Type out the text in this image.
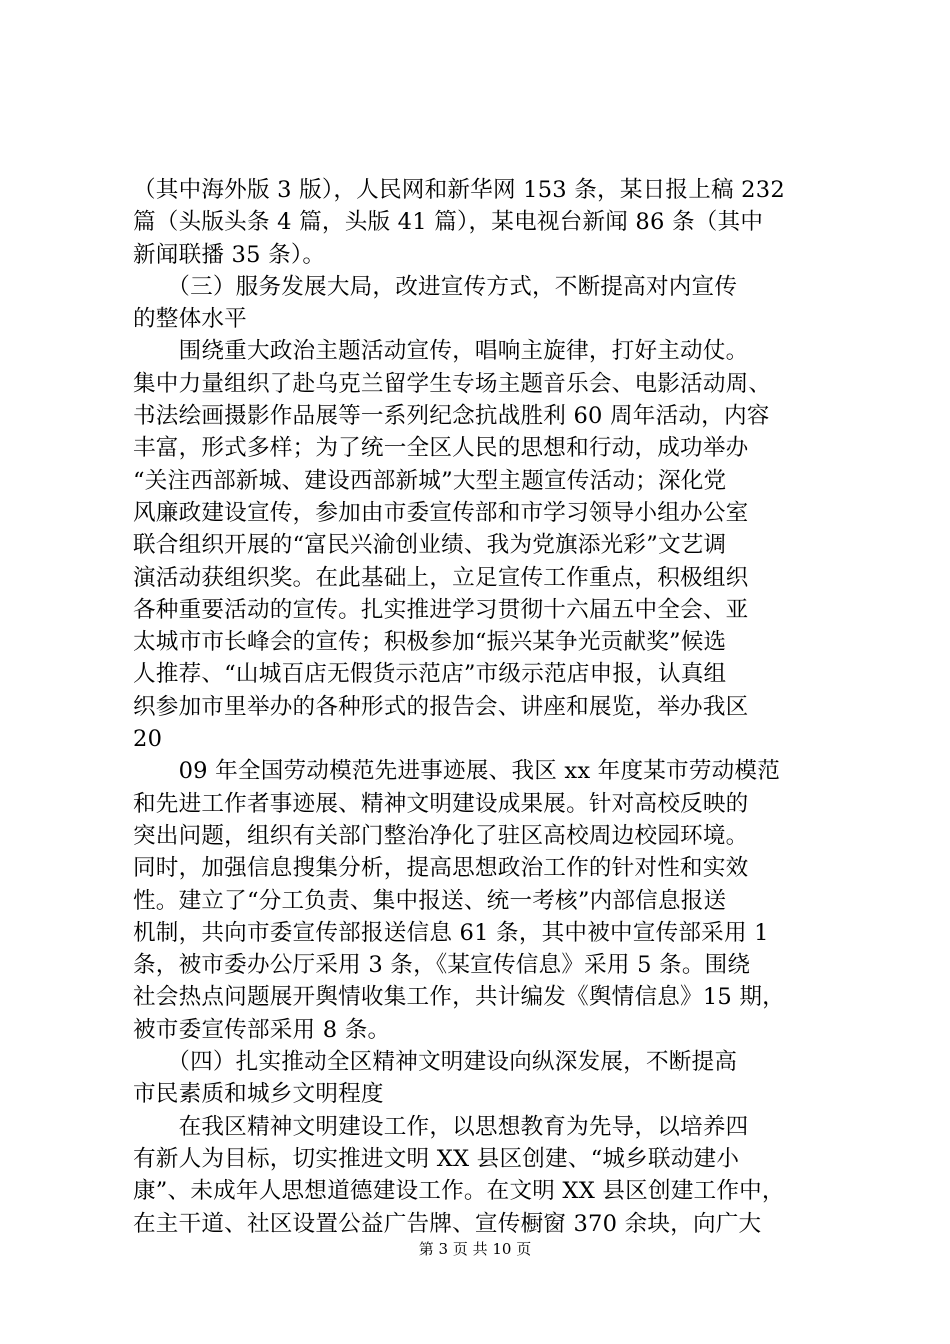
（其中海外版 3 版），人民网和新华网 153 条，某日报上稿 232
篇（头版头条 4 篇，头版 41 篇），某电视台新闻 86 条（其中
新闻联播 35 条）。
　　（三）服务发展大局，改进宣传方式，不断提高对内宣传
的整体水平
　　围绕重大政治主题活动宣传，唱响主旋律，打好主动仗。
集中力量组织了赴乌克兰留学生专场主题音乐会、电影活动周、
书法绘画摄影作品展等一系列纪念抗战胜利 60 周年活动，内容
丰富，形式多样；为了统一全区人民的思想和行动，成功举办
“关注西部新城、建设西部新城”大型主题宣传活动；深化党
风廉政建设宣传，参加由市委宣传部和市学习领导小组办公室
联合组织开展的“富民兴渝创业绩、我为党旗添光彩”文艺调
演活动获组织奖。在此基础上，立足宣传工作重点，积极组织
各种重要活动的宣传。扎实推进学习贯彻十六届五中全会、亚
太城市市长峰会的宣传；积极参加“振兴某争光贡献奖”候选
人推荐、“山城百店无假货示范店”市级示范店申报，认真组
织参加市里举办的各种形式的报告会、讲座和展览，举办我区
20
　　09 年全国劳动模范先进事迹展、我区 xx 年度某市劳动模范
和先进工作者事迹展、精神文明建设成果展。针对高校反映的
突出问题，组织有关部门整治净化了驻区高校周边校园环境。
同时，加强信息搜集分析，提高思想政治工作的针对性和实效
性。建立了“分工负责、集中报送、统一考核”内部信息报送
机制，共向市委宣传部报送信息 61 条，其中被中宣传部采用 1
条，被市委办公厅采用 3 条，《某宣传信息》采用 5 条。围绕
社会热点问题展开舆情收集工作，共计编发《舆情信息》15 期，
被市委宣传部采用 8 条。
　　（四）扎实推动全区精神文明建设向纵深发展，不断提高
市民素质和城乡文明程度
　　在我区精神文明建设工作，以思想教育为先导，以培养四
有新人为目标，切实推进文明 XX 县区创建、“城乡联动建小
康”、未成年人思想道德建设工作。在文明 XX 县区创建工作中，
在主干道、社区设置公益广告牌、宣传橱窗 370 余块，向广大
第 3 页 共 10 页
